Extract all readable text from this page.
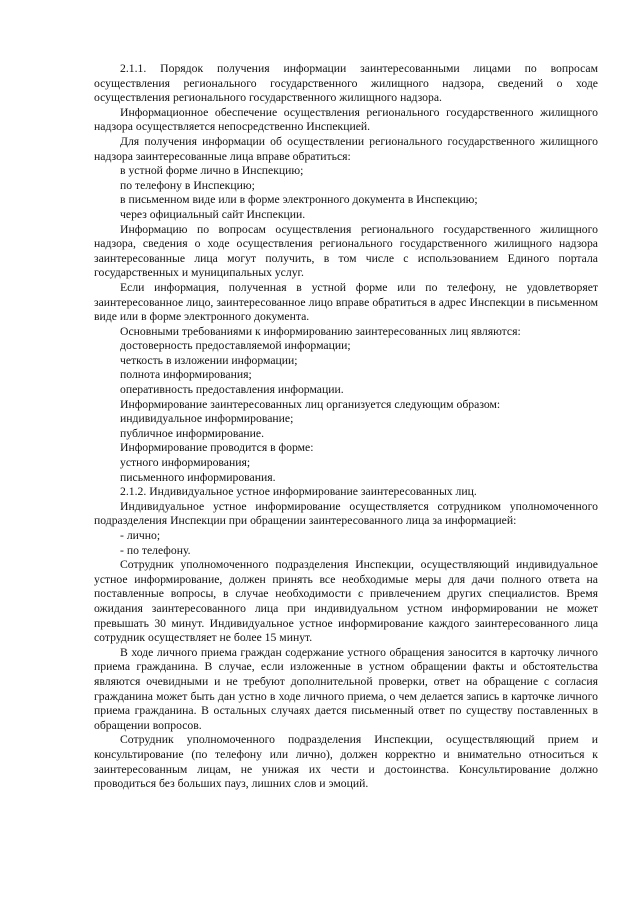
2.1.1. Порядок получения информации заинтересованными лицами по вопросам осуществления регионального государственного жилищного надзора, сведений о ходе осуществления регионального государственного жилищного надзора.

Информационное обеспечение осуществления регионального государственного жилищного надзора осуществляется непосредственно Инспекцией.

Для получения информации об осуществлении регионального государственного жилищного надзора заинтересованные лица вправе обратиться:

в устной форме лично в Инспекцию;

по телефону в Инспекцию;

в письменном виде или в форме электронного документа в Инспекцию;

через официальный сайт Инспекции.

Информацию по вопросам осуществления регионального государственного жилищного надзора, сведения о ходе осуществления регионального государственного жилищного надзора заинтересованные лица могут получить, в том числе с использованием Единого портала государственных и муниципальных услуг.

Если информация, полученная в устной форме или по телефону, не удовлетворяет заинтересованное лицо, заинтересованное лицо вправе обратиться в адрес Инспекции в письменном виде или в форме электронного документа.

Основными требованиями к информированию заинтересованных лиц являются:

достоверность предоставляемой информации;

четкость в изложении информации;

полнота информирования;

оперативность предоставления информации.

Информирование заинтересованных лиц организуется следующим образом:

индивидуальное информирование;

публичное информирование.

Информирование проводится в форме:

устного информирования;

письменного информирования.

2.1.2. Индивидуальное устное информирование заинтересованных лиц.

Индивидуальное устное информирование осуществляется сотрудником уполномоченного подразделения Инспекции при обращении заинтересованного лица за информацией:

- лично;

- по телефону.

Сотрудник уполномоченного подразделения Инспекции, осуществляющий индивидуальное устное информирование, должен принять все необходимые меры для дачи полного ответа на поставленные вопросы, в случае необходимости с привлечением других специалистов. Время ожидания заинтересованного лица при индивидуальном устном информировании не может превышать 30 минут. Индивидуальное устное информирование каждого заинтересованного лица сотрудник осуществляет не более 15 минут.

В ходе личного приема граждан содержание устного обращения заносится в карточку личного приема гражданина. В случае, если изложенные в устном обращении факты и обстоятельства являются очевидными и не требуют дополнительной проверки, ответ на обращение с согласия гражданина может быть дан устно в ходе личного приема, о чем делается запись в карточке личного приема гражданина. В остальных случаях дается письменный ответ по существу поставленных в обращении вопросов.

Сотрудник уполномоченного подразделения Инспекции, осуществляющий прием и консультирование (по телефону или лично), должен корректно и внимательно относиться к заинтересованным лицам, не унижая их чести и достоинства. Консультирование должно проводиться без больших пауз, лишних слов и эмоций.
